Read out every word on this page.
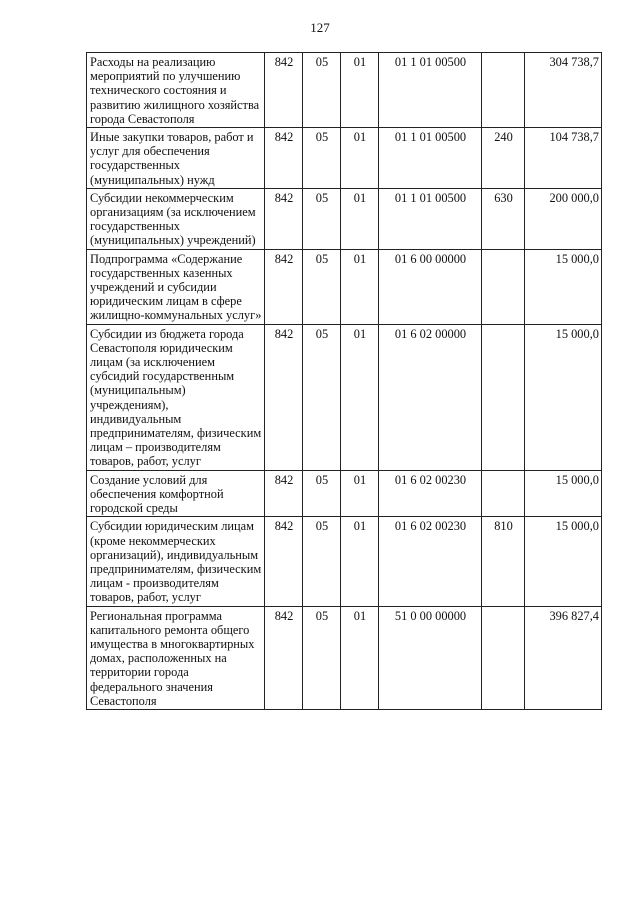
127
Расходы на реализацию мероприятий по улучшению технического состояния и развитию жилищного хозяйства города Севастополя	842	05	01	01 1 01 00500		304 738,7
Иные закупки товаров, работ и услуг для обеспечения государственных (муниципальных) нужд	842	05	01	01 1 01 00500	240	104 738,7
Субсидии некоммерческим организациям (за исключением государственных (муниципальных) учреждений)	842	05	01	01 1 01 00500	630	200 000,0
Подпрограмма «Содержание государственных казенных учреждений и субсидии юридическим лицам в сфере жилищно-коммунальных услуг»	842	05	01	01 6 00 00000		15 000,0
Субсидии из бюджета города Севастополя юридическим лицам (за исключением субсидий государственным (муниципальным) учреждениям), индивидуальным предпринимателям, физическим лицам – производителям товаров, работ, услуг	842	05	01	01 6 02 00000		15 000,0
Создание условий для обеспечения комфортной городской среды	842	05	01	01 6 02 00230		15 000,0
Субсидии юридическим лицам (кроме некоммерческих организаций), индивидуальным предпринимателям, физическим лицам - производителям товаров, работ, услуг	842	05	01	01 6 02 00230	810	15 000,0
Региональная программа капитального ремонта общего имущества в многоквартирных домах, расположенных на территории города федерального значения Севастополя	842	05	01	51 0 00 00000		396 827,4
